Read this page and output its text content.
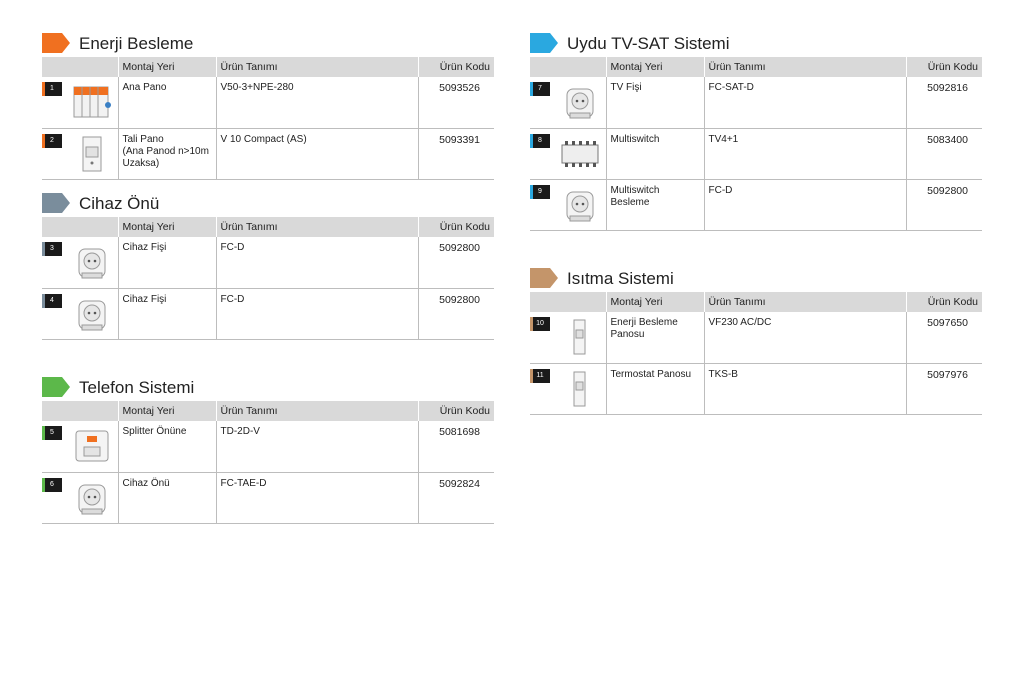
Enerji Besleme
	Montaj Yeri	Ürün Tanımı	Ürün Kodu

1	Ana Pano	V50-3+NPE-280	5093526

2	Tali Pano
(Ana Panod n>10m
Uzaksa)	V 10 Compact (AS)	5093391
Cihaz Önü
	Montaj Yeri	Ürün Tanımı	Ürün Kodu

3	Cihaz Fişi	FC-D	5092800

4	Cihaz Fişi	FC-D	5092800
Telefon Sistemi
	Montaj Yeri	Ürün Tanımı	Ürün Kodu

5	Splitter Önüne	TD-2D-V	5081698

6	Cihaz Önü	FC-TAE-D	5092824
Uydu TV-SAT Sistemi
	Montaj Yeri	Ürün Tanımı	Ürün Kodu

7	TV Fişi	FC-SAT-D	5092816

8	Multiswitch	TV4+1	5083400

9	Multiswitch
Besleme	FC-D	5092800
Isıtma Sistemi
	Montaj Yeri	Ürün Tanımı	Ürün Kodu

10	Enerji Besleme
Panosu	VF230 AC/DC	5097650

11	Termostat Panosu	TKS-B	5097976
